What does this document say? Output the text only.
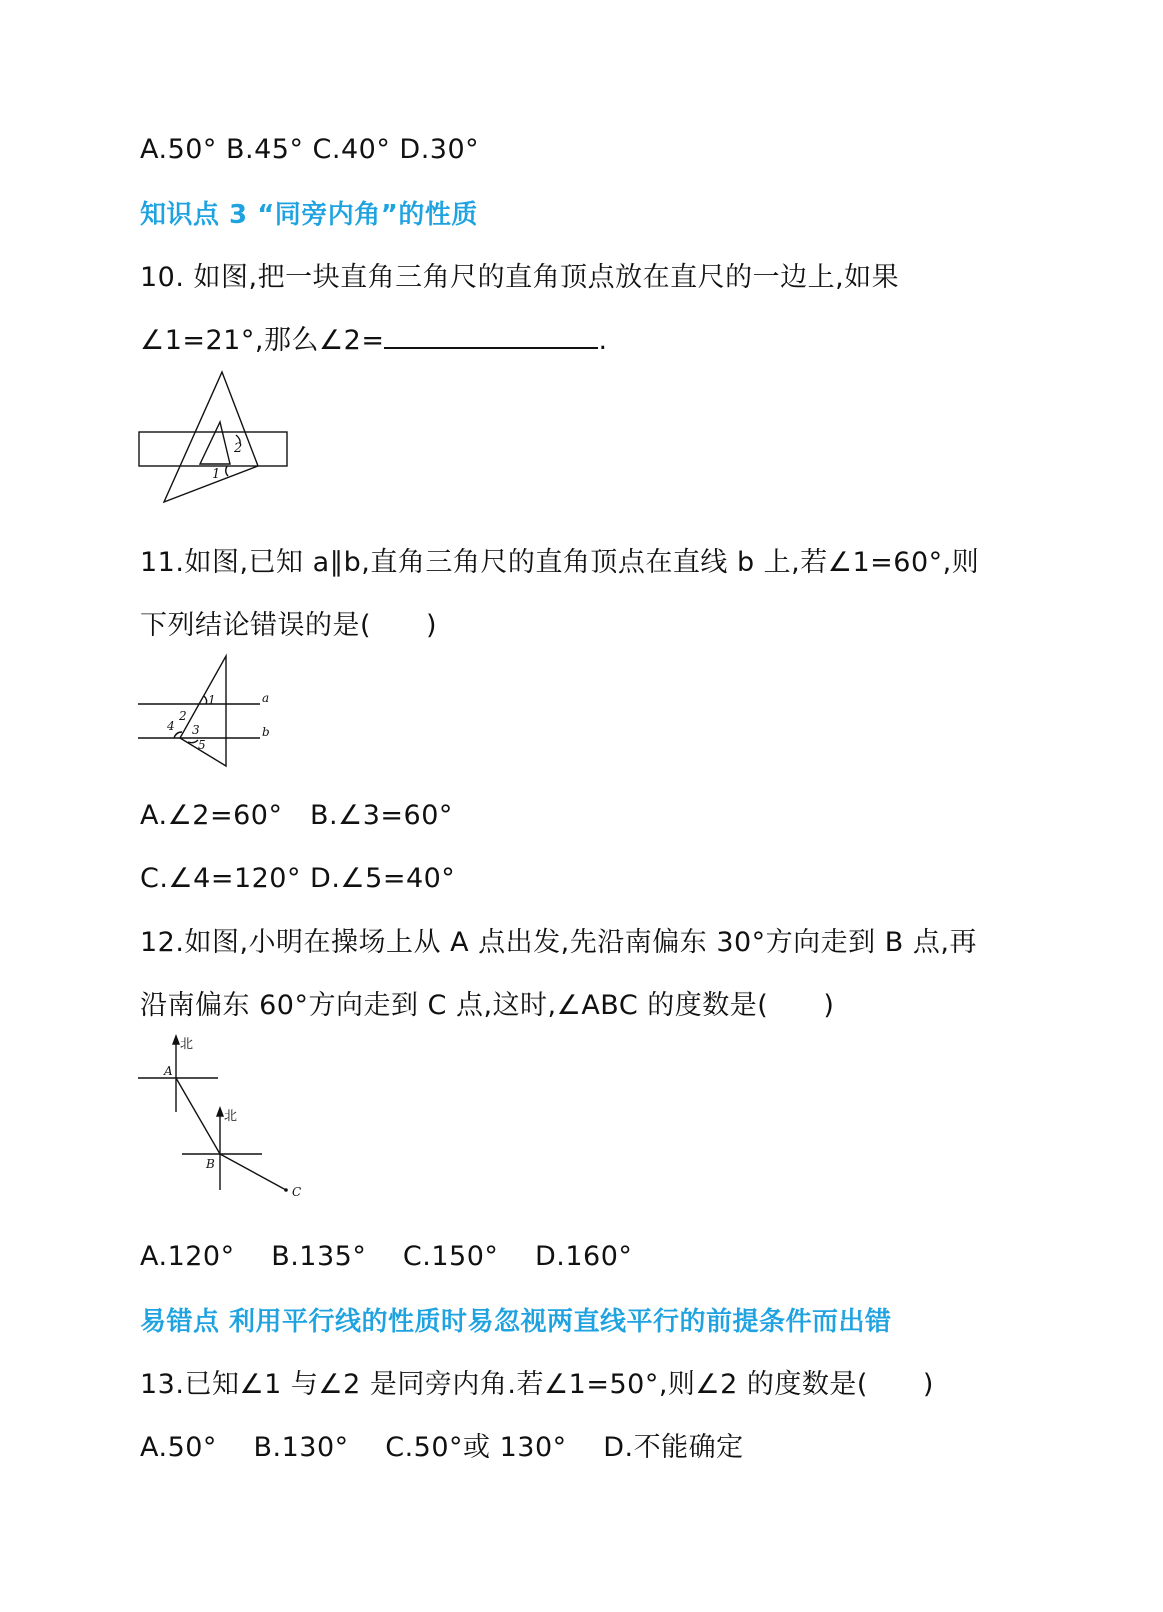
A.50° B.45° C.40° D.30°
知识点 3 “同旁内角”的性质
10. 如图,把一块直角三角尺的直角顶点放在直尺的一边上,如果
∠1=21°,那么∠2=	.
2
1
11.如图,已知 a∥b,直角三角尺的直角顶点在直线 b 上,若∠1=60°,则
下列结论错误的是(　　)
a
b
1
2
3
4
5
A.∠2=60°　B.∠3=60°
C.∠4=120° D.∠5=40°
12.如图,小明在操场上从 A 点出发,先沿南偏东 30°方向走到 B 点,再
沿南偏东 60°方向走到 C 点,这时,∠ABC 的度数是(　　)
北
北
A
B
C
A.120°　 B.135°　 C.150°　 D.160°
易错点 利用平行线的性质时易忽视两直线平行的前提条件而出错
13.已知∠1 与∠2 是同旁内角.若∠1=50°,则∠2 的度数是(　　)
A.50°　 B.130°　 C.50°或 130°　 D.不能确定
